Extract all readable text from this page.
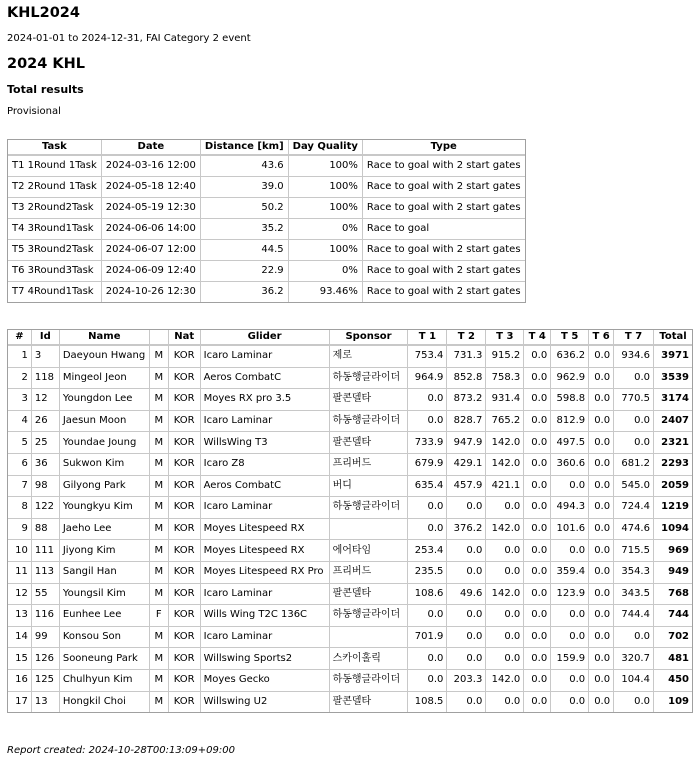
KHL2024
2024-01-01 to 2024-12-31, FAI Category 2 event
2024 KHL
Total results
Provisional
Task	Date	Distance [km]	Day Quality	Type
T1 1Round 1Task	2024-03-16 12:00	43.6	100%	Race to goal with 2 start gates
T2 2Round 1Task	2024-05-18 12:40	39.0	100%	Race to goal with 2 start gates
T3 2Round2Task	2024-05-19 12:30	50.2	100%	Race to goal with 2 start gates
T4 3Round1Task	2024-06-06 14:00	35.2	0%	Race to goal
T5 3Round2Task	2024-06-07 12:00	44.5	100%	Race to goal with 2 start gates
T6 3Round3Task	2024-06-09 12:40	22.9	0%	Race to goal with 2 start gates
T7 4Round1Task	2024-10-26 12:30	36.2	93.46%	Race to goal with 2 start gates
#	Id	Name		Nat	Glider	Sponsor	T 1	T 2	T 3	T 4	T 5	T 6	T 7	Total
1	3	Daeyoun Hwang	M	KOR	Icaro Laminar	제로	753.4	731.3	915.2	0.0	636.2	0.0	934.6	3971
2	118	Mingeol Jeon	M	KOR	Aeros CombatC	하동행글라이더	964.9	852.8	758.3	0.0	962.9	0.0	0.0	3539
3	12	Youngdon Lee	M	KOR	Moyes RX pro 3.5	팔콘델타	0.0	873.2	931.4	0.0	598.8	0.0	770.5	3174
4	26	Jaesun Moon	M	KOR	Icaro Laminar	하동행글라이더	0.0	828.7	765.2	0.0	812.9	0.0	0.0	2407
5	25	Youndae Joung	M	KOR	WillsWing T3	팔콘델타	733.9	947.9	142.0	0.0	497.5	0.0	0.0	2321
6	36	Sukwon Kim	M	KOR	Icaro Z8	프리버드	679.9	429.1	142.0	0.0	360.6	0.0	681.2	2293
7	98	Gilyong Park	M	KOR	Aeros CombatC	버디	635.4	457.9	421.1	0.0	0.0	0.0	545.0	2059
8	122	Youngkyu Kim	M	KOR	Icaro Laminar	하동행글라이더	0.0	0.0	0.0	0.0	494.3	0.0	724.4	1219
9	88	Jaeho Lee	M	KOR	Moyes Litespeed RX		0.0	376.2	142.0	0.0	101.6	0.0	474.6	1094
10	111	Jiyong Kim	M	KOR	Moyes Litespeed RX	에어타임	253.4	0.0	0.0	0.0	0.0	0.0	715.5	969
11	113	Sangil Han	M	KOR	Moyes Litespeed RX Pro	프리버드	235.5	0.0	0.0	0.0	359.4	0.0	354.3	949
12	55	Youngsil Kim	M	KOR	Icaro Laminar	팔콘델타	108.6	49.6	142.0	0.0	123.9	0.0	343.5	768
13	116	Eunhee Lee	F	KOR	Wills Wing T2C 136C	하동행글라이더	0.0	0.0	0.0	0.0	0.0	0.0	744.4	744
14	99	Konsou Son	M	KOR	Icaro Laminar		701.9	0.0	0.0	0.0	0.0	0.0	0.0	702
15	126	Sooneung Park	M	KOR	Willswing Sports2	스카이홀릭	0.0	0.0	0.0	0.0	159.9	0.0	320.7	481
16	125	Chulhyun Kim	M	KOR	Moyes Gecko	하동행글라이더	0.0	203.3	142.0	0.0	0.0	0.0	104.4	450
17	13	Hongkil Choi	M	KOR	Willswing U2	팔콘델타	108.5	0.0	0.0	0.0	0.0	0.0	0.0	109
Report created: 2024-10-28T00:13:09+09:00
